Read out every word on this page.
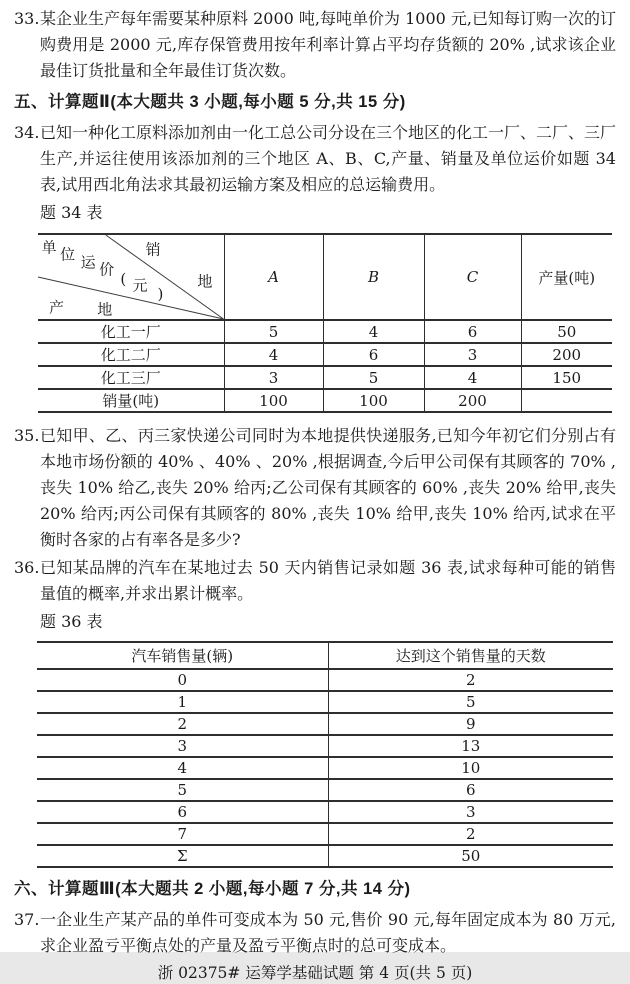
33. 某企业生产每年需要某种原料 2000 吨,每吨单价为 1000 元,已知每订购一次的订购费用是 2000 元,库存保管费用按年利率计算占平均存货额的 20% ,试求该企业最佳订货批量和全年最佳订货次数。
五、计算题Ⅱ(本大题共 3 小题,每小题 5 分,共 15 分)
34. 已知一种化工原料添加剂由一化工总公司分设在三个地区的化工一厂、二厂、三厂生产,并运往使用该添加剂的三个地区 A、B、C,产量、销量及单位运价如题 34 表,试用西北角法求其最初运输方案及相应的总运输费用。
题 34 表
单 位 运 价 ( 元 )
销
地
产 地
	A	B	C	产量(吨)
化工一厂	5	4	6	50
化工二厂	4	6	3	200
化工三厂	3	5	4	150
销量(吨)	100	100	200	
35. 已知甲、乙、丙三家快递公司同时为本地提供快递服务,已知今年初它们分别占有本地市场份额的 40% 、40% 、20% ,根据调查,今后甲公司保有其顾客的 70% ,丧失 10% 给乙,丧失 20% 给丙;乙公司保有其顾客的 60% ,丧失 20% 给甲,丧失 20% 给丙;丙公司保有其顾客的 80% ,丧失 10% 给甲,丧失 10% 给丙,试求在平衡时各家的占有率各是多少?
36. 已知某品牌的汽车在某地过去 50 天内销售记录如题 36 表,试求每种可能的销售量值的概率,并求出累计概率。
题 36 表
汽车销售量(辆)	达到这个销售量的天数
0	2
1	5
2	9
3	13
4	10
5	6
6	3
7	2
Σ	50
六、计算题Ⅲ(本大题共 2 小题,每小题 7 分,共 14 分)
37. 一企业生产某产品的单件可变成本为 50 元,售价 90 元,每年固定成本为 80 万元,求企业盈亏平衡点处的产量及盈亏平衡点时的总可变成本。
浙 02375# 运筹学基础试题 第 4 页(共 5 页)
